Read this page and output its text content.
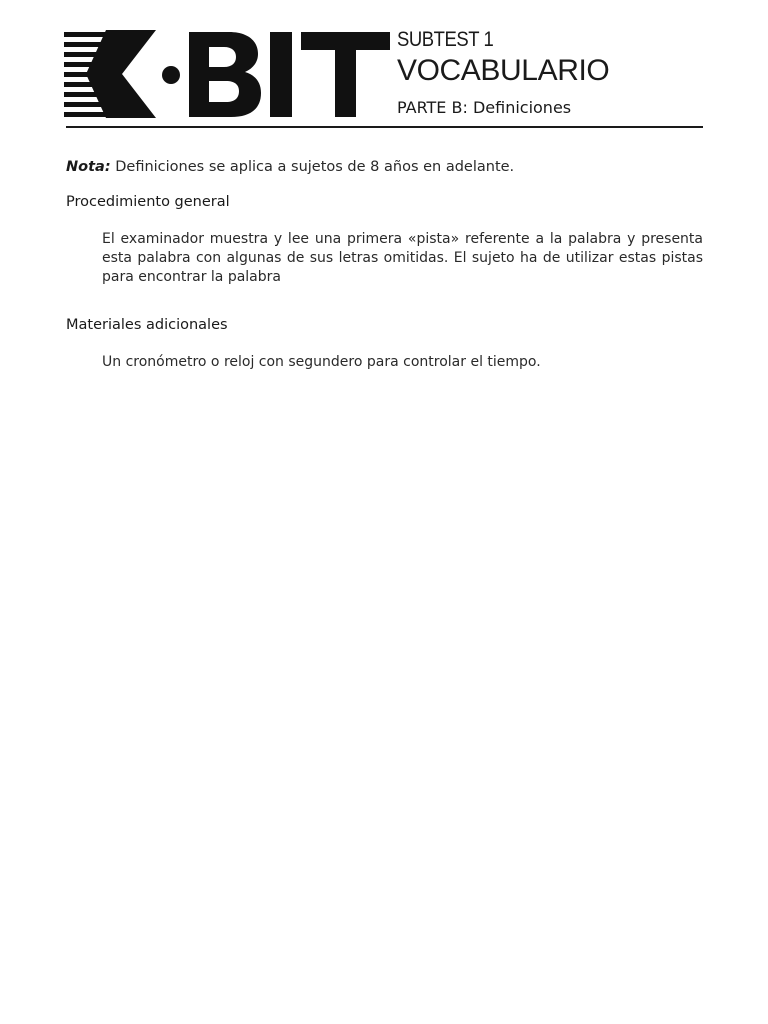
SUBTEST 1
VOCABULARIO
PARTE B: Definiciones
Nota: Definiciones se aplica a sujetos de 8 años en adelante.
Procedimiento general
El examinador muestra y lee una primera «pista» referente a la palabra y presenta esta palabra con algunas de sus letras omitidas. El sujeto ha de utilizar estas pistas para encontrar la palabra
Materiales adicionales
Un cronómetro o reloj con segundero para controlar el tiempo.
